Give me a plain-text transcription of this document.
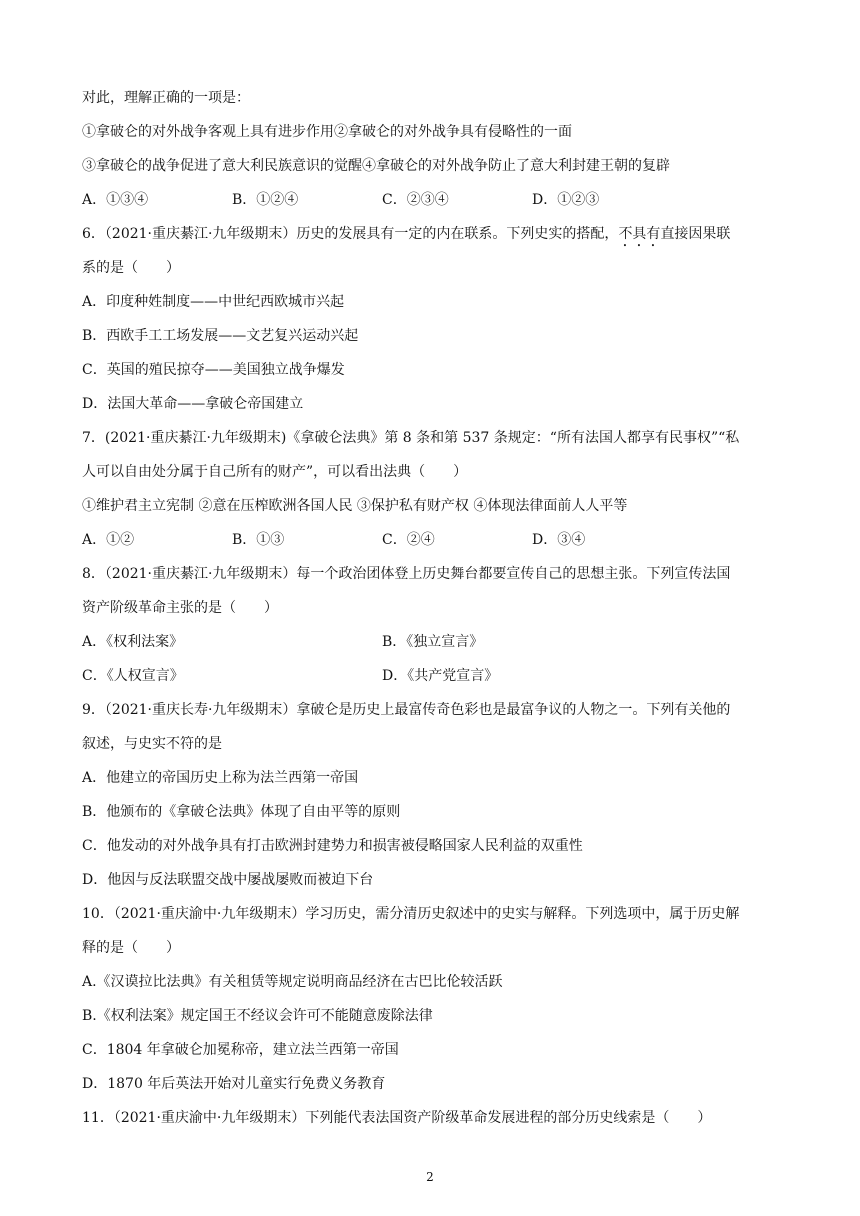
对此，理解正确的一项是：
①拿破仑的对外战争客观上具有进步作用②拿破仑的对外战争具有侵略性的一面
③拿破仑的战争促进了意大利民族意识的觉醒④拿破仑的对外战争防止了意大利封建王朝的复辟
A．①③④	B．①②④	C．②③④	D．①②③
6．（2021·重庆綦江·九年级期末）历史的发展具有一定的内在联系。下列史实的搭配，不具有直接因果联
系的是（　　）
A．印度种姓制度——中世纪西欧城市兴起
B．西欧手工工场发展——文艺复兴运动兴起
C．英国的殖民掠夺——美国独立战争爆发
D．法国大革命——拿破仑帝国建立
7．(2021·重庆綦江·九年级期末)《拿破仑法典》第 8 条和第 537 条规定：“所有法国人都享有民事权”“私
人可以自由处分属于自己所有的财产”，可以看出法典（　　）
①维护君主立宪制 ②意在压榨欧洲各国人民 ③保护私有财产权 ④体现法律面前人人平等
A．①②	B．①③	C．②④	D．③④
8．（2021·重庆綦江·九年级期末）每一个政治团体登上历史舞台都要宣传自己的思想主张。下列宣传法国
资产阶级革命主张的是（　　）
A．《权利法案》	B．《独立宣言》
C．《人权宣言》	D．《共产党宣言》
9．（2021·重庆长寿·九年级期末）拿破仑是历史上最富传奇色彩也是最富争议的人物之一。下列有关他的
叙述，与史实不符的是
A．他建立的帝国历史上称为法兰西第一帝国
B．他颁布的《拿破仑法典》体现了自由平等的原则
C．他发动的对外战争具有打击欧洲封建势力和损害被侵略国家人民利益的双重性
D．他因与反法联盟交战中屡战屡败而被迫下台
10．（2021·重庆渝中·九年级期末）学习历史，需分清历史叙述中的史实与解释。下列选项中，属于历史解
释的是（　　）
A.《汉谟拉比法典》有关租赁等规定说明商品经济在古巴比伦较活跃
B.《权利法案》规定国王不经议会许可不能随意废除法律
C．1804 年拿破仑加冕称帝，建立法兰西第一帝国
D．1870 年后英法开始对儿童实行免费义务教育
11．（2021·重庆渝中·九年级期末）下列能代表法国资产阶级革命发展进程的部分历史线索是（　　）
2
